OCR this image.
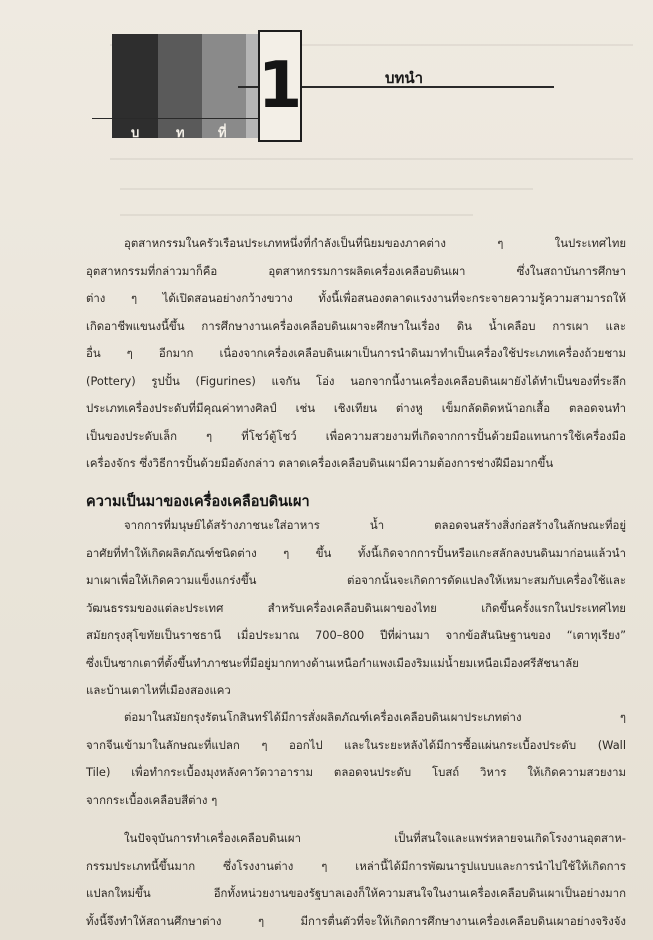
บ	ท	ที่
1	บทนำ
อุตสาหกรรมในครัวเรือนประเภทหนึ่งที่กำลังเป็นที่นิยมของภาคต่าง ๆ ในประเทศไทย
อุตสาหกรรมที่กล่าวมาก็คือ อุตสาหกรรมการผลิตเครื่องเคลือบดินเผา ซึ่งในสถาบันการศึกษา
ต่าง ๆ ได้เปิดสอนอย่างกว้างขวาง ทั้งนี้เพื่อสนองตลาดแรงงานที่จะกระจายความรู้ความสามารถให้
เกิดอาชีพแขนงนี้ขึ้น การศึกษางานเครื่องเคลือบดินเผาจะศึกษาในเรื่อง ดิน น้ำเคลือบ การเผา และ
อื่น ๆ อีกมาก เนื่องจากเครื่องเคลือบดินเผาเป็นการนำดินมาทำเป็นเครื่องใช้ประเภทเครื่องถ้วยชาม
(Pottery) รูปปั้น (Figurines) แจกัน โอ่ง นอกจากนี้งานเครื่องเคลือบดินเผายังได้ทำเป็นของที่ระลึก
ประเภทเครื่องประดับที่มีคุณค่าทางศิลป์ เช่น เชิงเทียน ต่างหู เข็มกลัดติดหน้าอกเสื้อ ตลอดจนทำ
เป็นของประดับเล็ก ๆ ที่โชว์ตู้โชว์ เพื่อความสวยงามที่เกิดจากการปั้นด้วยมือแทนการใช้เครื่องมือ
เครื่องจักร ซึ่งวิธีการปั้นด้วยมือดังกล่าว ตลาดเครื่องเคลือบดินเผามีความต้องการช่างฝีมือมากขึ้น
ความเป็นมาของเครื่องเคลือบดินเผา
จากการที่มนุษย์ได้สร้างภาชนะใส่อาหาร น้ำ ตลอดจนสร้างสิ่งก่อสร้างในลักษณะที่อยู่
อาศัยที่ทำให้เกิดผลิตภัณฑ์ชนิดต่าง ๆ ขึ้น ทั้งนี้เกิดจากการปั้นหรือแกะสลักลงบนดินมาก่อนแล้วนำ
มาเผาเพื่อให้เกิดความแข็งแกร่งขึ้น ต่อจากนั้นจะเกิดการดัดแปลงให้เหมาะสมกับเครื่องใช้และ
วัฒนธรรมของแต่ละประเทศ สำหรับเครื่องเคลือบดินเผาของไทย เกิดขึ้นครั้งแรกในประเทศไทย
สมัยกรุงสุโขทัยเป็นราชธานี เมื่อประมาณ 700–800 ปีที่ผ่านมา จากข้อสันนิษฐานของ “เตาทุเรียง”
ซึ่งเป็นซากเตาที่ตั้งขึ้นทำภาชนะที่มีอยู่มากทางด้านเหนือกำแพงเมืองริมแม่น้ำยมเหนือเมืองศรีสัชนาลัย
และบ้านเตาไหที่เมืองสองแคว
ต่อมาในสมัยกรุงรัตนโกสินทร์ได้มีการสั่งผลิตภัณฑ์เครื่องเคลือบดินเผาประเภทต่าง ๆ
จากจีนเข้ามาในลักษณะที่แปลก ๆ ออกไป และในระยะหลังได้มีการซื้อแผ่นกระเบื้องประดับ (Wall
Tile) เพื่อทำกระเบื้องมุงหลังคาวัดวาอาราม ตลอดจนประดับ โบสถ์ วิหาร ให้เกิดความสวยงาม
จากกระเบื้องเคลือบสีต่าง ๆ
ในปัจจุบันการทำเครื่องเคลือบดินเผา เป็นที่สนใจและแพร่หลายจนเกิดโรงงานอุตสาห-
กรรมประเภทนี้ขึ้นมาก ซึ่งโรงงานต่าง ๆ เหล่านี้ได้มีการพัฒนารูปแบบและการนำไปใช้ให้เกิดการ
แปลกใหม่ขึ้น อีกทั้งหน่วยงานของรัฐบาลเองก็ให้ความสนใจในงานเครื่องเคลือบดินเผาเป็นอย่างมาก
ทั้งนี้จึงทำให้สถานศึกษาต่าง ๆ มีการตื่นตัวที่จะให้เกิดการศึกษางานเครื่องเคลือบดินเผาอย่างจริงจัง
